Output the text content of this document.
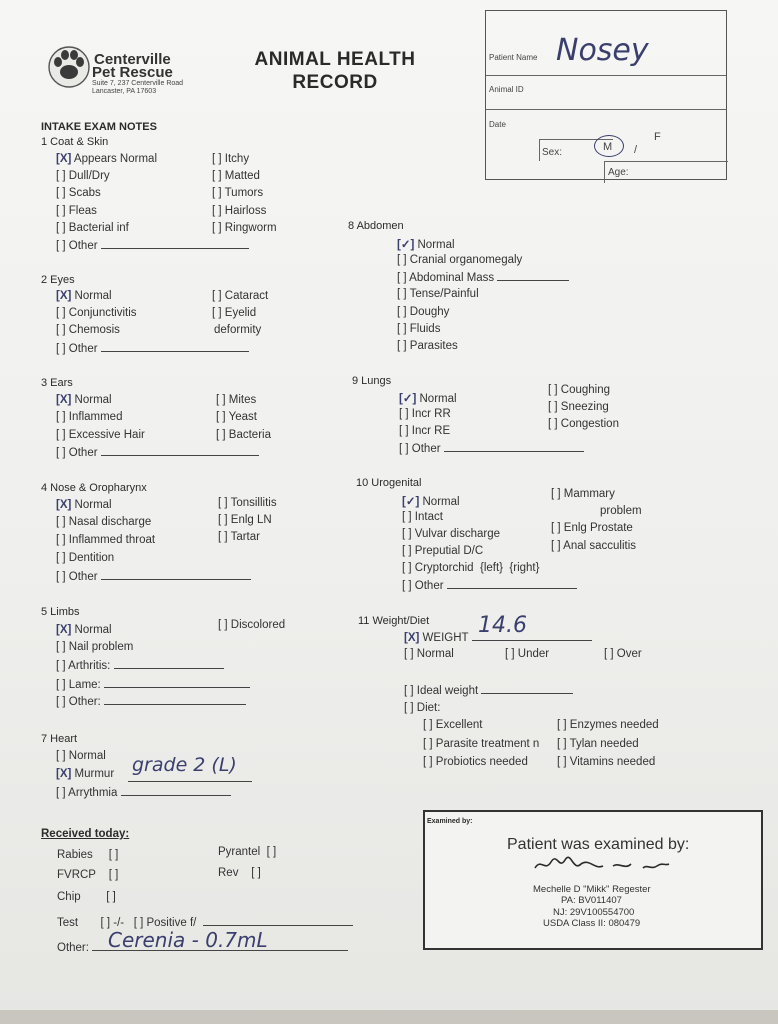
Centerville
Pet Rescue
Suite 7, 237 Centerville Road
Lancaster, PA 17603
ANIMAL HEALTH
RECORD
Patient Name Nosey
Animal ID
Date
Sex:	M /
F
Age:
INTAKE EXAM NOTES
1 Coat & Skin
[X] Appears Normal
[ ] Dull/Dry
[ ] Scabs
[ ] Fleas
[ ] Bacterial inf
[ ] Other
[ ] Itchy
[ ] Matted
[ ] Tumors
[ ] Hairloss
[ ] Ringworm
2 Eyes
[X] Normal
[ ] Conjunctivitis
[ ] Chemosis
[ ] Other
[ ] Cataract
[ ] Eyelid
deformity
3 Ears
[X] Normal
[ ] Inflammed
[ ] Excessive Hair
[ ] Other
[ ] Mites
[ ] Yeast
[ ] Bacteria
4 Nose & Oropharynx
[X] Normal
[ ] Nasal discharge
[ ] Inflammed throat
[ ] Dentition
[ ] Other
[ ] Tonsillitis
[ ] Enlg LN
[ ] Tartar
5 Limbs
[X] Normal
[ ] Nail problem
[ ] Arthritis:
[ ] Lame:
[ ] Other:
[ ] Discolored
7 Heart
[ ] Normal
[X] Murmur grade 2 (L)
[ ] Arrythmia
8 Abdomen
[✓] Normal
[ ] Cranial organomegaly
[ ] Abdominal Mass
[ ] Tense/Painful
[ ] Doughy
[ ] Fluids
[ ] Parasites
9 Lungs
[✓] Normal
[ ] Incr RR
[ ] Incr RE
[ ] Other
[ ] Coughing
[ ] Sneezing
[ ] Congestion
10 Urogenital
[✓] Normal
[ ] Intact
[ ] Vulvar discharge
[ ] Preputial D/C
[ ] Cryptorchid {left} {right}
[ ] Other
[ ] Mammary
problem
[ ] Enlg Prostate
[ ] Anal sacculitis
11 Weight/Diet
[X] WEIGHT 14.6
[ ] Normal	[ ] Under	[ ] Over
[ ] Ideal weight
[ ] Diet:
[ ] Excellent
[ ] Parasite treatment n
[ ] Probiotics needed
[ ] Enzymes needed
[ ] Tylan needed
[ ] Vitamins needed
Received today:
Rabies     [ ]
FVRCP    [ ]
Chip        [ ]
Test       [ ] -/-   [ ] Positive f/
Other: Cerenia - 0.7mL
Pyrantel  [ ]
Rev    [ ]
Examined by:
Patient was examined by:
Mechelle D "Mikk" Regester
PA: BV011407
NJ: 29V100554700
USDA Class II: 080479
